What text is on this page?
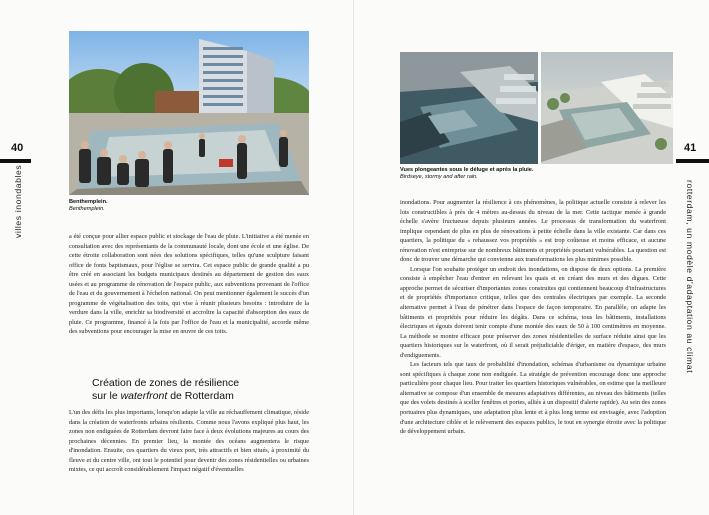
Benthemplein.
Benthemplein.
40
villes inondables	a été conçue pour allier espace public et stockage de l'eau de pluie. L'initiative a été menée en consultation avec des représentants de la communauté locale, dont une école et une église. De cette étroite collaboration sont nées des solutions spécifiques, telles qu'une sculpture faisant office de fonts baptismaux, pour l'église se servira. Cet espace public de grande qualité a pu être créé en associant les budgets municipaux destinés au département de gestion des eaux usées et au programme de rénovation de l'espace public, aux subventions provenant de l'office de l'eau et du gouvernement à l'échelon national. On peut mentionner également le succès d'un programme de végétalisation des toits, qui vise à réunir plusieurs besoins : introduire de la verdure dans la ville, enrichir sa biodiversité et accroître la capacité d'absorption des eaux de pluie. Ce programme, financé à la fois par l'office de l'eau et la municipalité, accorde même des subventions pour encourager la mise en œuvre de ces toits.

Création de zones de résilience
sur le waterfront de Rotterdam

L'un des défis les plus importants, lorsqu'on adapte la ville au réchauffement climatique, réside dans la création de waterfronts urbains résilients. Comme nous l'avons expliqué plus haut, les zones non endiguées de Rotterdam devront faire face à deux évolutions majeures au cours des prochaines décennies. En premier lieu, la montée des océans augmentera le risque d'inondation. Ensuite, ces quartiers du vieux port, très attractifs et bien situés, à proximité du fleuve et du centre ville, ont tout le potentiel pour devenir des zones résidentielles ou urbaines mixtes, ce qui accroît considérablement l'impact négatif d'éventuelles

Vues plongeantes sous le déluge et après la pluie.
Birdseye, stormy and after rain.
41
rotterdam, un modèle d'adaptation au climat

inondations. Pour augmenter la résilience à ces phénomènes, la politique actuelle consiste à relever les lots constructibles à près de 4 mètres au-dessus du niveau de la mer. Cette tactique menée à grande échelle s'avère fructueuse depuis plusieurs années. Le processus de transformation du waterfront implique cependant de plus en plus de rénovations à petite échelle dans la ville existante. Car dans ces quartiers, la politique du « rehaussez vos propriétés » est trop coûteuse et moins efficace, et aucune rénovation n'est entreprise sur de nombreux bâtiments et propriétés pourtant vulnérables. La question est donc de trouver une démarche qui convienne aux transformations les plus minimes possible.

Lorsque l'on souhaite protéger un endroit des inondations, on dispose de deux options. La première consiste à empêcher l'eau d'entrer en relevant les quais et en créant des murs et des digues. Cette approche permet de sécuriser d'importantes zones construites qui contiennent beaucoup d'infrastructures et de propriétés d'importance critique, telles que des centrales électriques par exemple. La seconde alternative permet à l'eau de pénétrer dans l'espace de façon temporaire. En parallèle, on adapte les bâtiments et propriétés pour réduire les dégâts. Dans ce schéma, tous les bâtiments, installations électriques et égouts doivent tenir compte d'une montée des eaux de 50 à 100 centimètres en moyenne. La méthode se montre efficace pour préserver des zones résidentielles de surface réduite ainsi que les quartiers historiques sur le waterfront, où il serait préjudiciable d'ériger, en matière d'espace, des murs d'endiguements.

Les facteurs tels que taux de probabilité d'inondation, schémas d'urbanisme ou dynamique urbaine sont spécifiques à chaque zone non endiguée. La stratégie de prévention encourage donc une approche particulière pour chaque lieu. Pour traiter les quartiers historiques vulnérables, on estime que la meilleure alternative se compose d'un ensemble de mesures adaptatives différentes, au niveau des bâtiments (telles que des volets destinés à sceller fenêtres et portes, alliés à un dispositif d'alerte rapide). Au sein des zones portuaires plus dynamiques, une adaptation plus lente et à plus long terme est envisagée, avec l'adoption d'une architecture ciblée et le relèvement des espaces publics, le tout en synergie étroite avec la politique de développement urbain.
